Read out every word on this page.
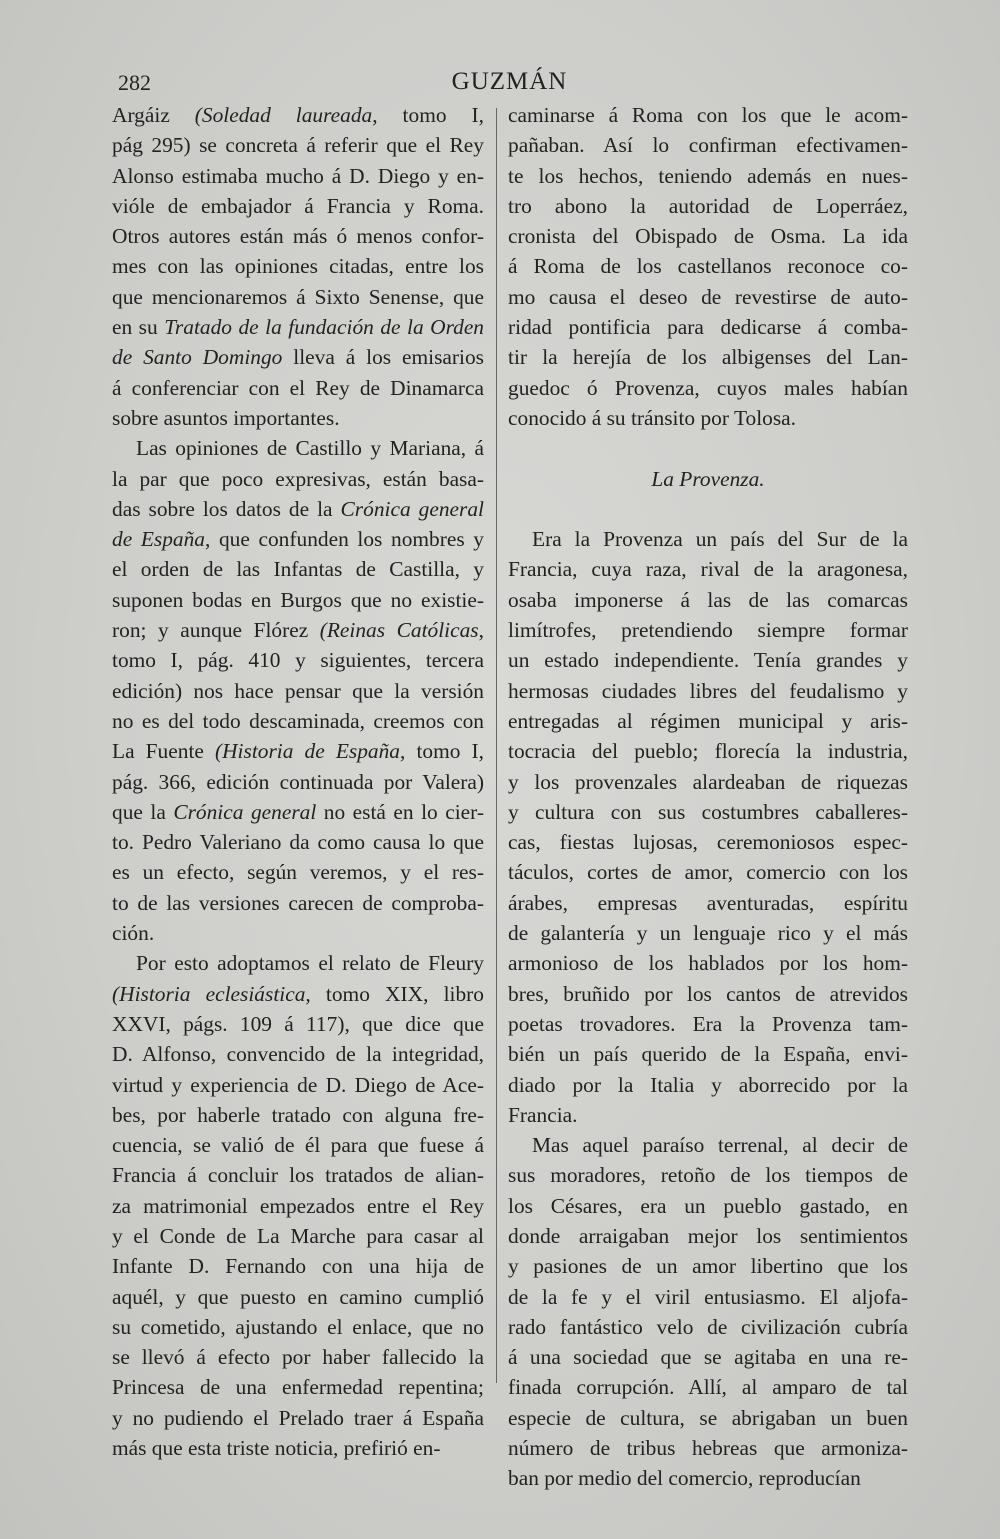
282	GUZMÁN
Argáiz (Soledad laureada, tomo I,
pág 295) se concreta á referir que el Rey
Alonso estimaba mucho á D. Diego y en-
vióle de embajador á Francia y Roma.
Otros autores están más ó menos confor-
mes con las opiniones citadas, entre los
que mencionaremos á Sixto Senense, que
en su Tratado de la fundación de la Orden
de Santo Domingo lleva á los emisarios
á conferenciar con el Rey de Dinamarca
sobre asuntos importantes.
Las opiniones de Castillo y Mariana, á
la par que poco expresivas, están basa-
das sobre los datos de la Crónica general
de España, que confunden los nombres y
el orden de las Infantas de Castilla, y
suponen bodas en Burgos que no existie-
ron; y aunque Flórez (Reinas Católicas,
tomo I, pág. 410 y siguientes, tercera
edición) nos hace pensar que la versión
no es del todo descaminada, creemos con
La Fuente (Historia de España, tomo I,
pág. 366, edición continuada por Valera)
que la Crónica general no está en lo cier-
to. Pedro Valeriano da como causa lo que
es un efecto, según veremos, y el res-
to de las versiones carecen de comproba-
ción.
Por esto adoptamos el relato de Fleury
(Historia eclesiástica, tomo XIX, libro
XXVI, págs. 109 á 117), que dice que
D. Alfonso, convencido de la integridad,
virtud y experiencia de D. Diego de Ace-
bes, por haberle tratado con alguna fre-
cuencia, se valió de él para que fuese á
Francia á concluir los tratados de alian-
za matrimonial empezados entre el Rey
y el Conde de La Marche para casar al
Infante D. Fernando con una hija de
aquél, y que puesto en camino cumplió
su cometido, ajustando el enlace, que no
se llevó á efecto por haber fallecido la
Princesa de una enfermedad repentina;
y no pudiendo el Prelado traer á España
más que esta triste noticia, prefirió en-
caminarse á Roma con los que le acom-
pañaban. Así lo confirman efectivamen-
te los hechos, teniendo además en nues-
tro abono la autoridad de Loperráez,
cronista del Obispado de Osma. La ida
á Roma de los castellanos reconoce co-
mo causa el deseo de revestirse de auto-
ridad pontificia para dedicarse á comba-
tir la herejía de los albigenses del Lan-
guedoc ó Provenza, cuyos males habían
conocido á su tránsito por Tolosa.
La Provenza.
Era la Provenza un país del Sur de la
Francia, cuya raza, rival de la aragonesa,
osaba imponerse á las de las comarcas
limítrofes, pretendiendo siempre formar
un estado independiente. Tenía grandes y
hermosas ciudades libres del feudalismo y
entregadas al régimen municipal y aris-
tocracia del pueblo; florecía la industria,
y los provenzales alardeaban de riquezas
y cultura con sus costumbres caballeres-
cas, fiestas lujosas, ceremoniosos espec-
táculos, cortes de amor, comercio con los
árabes, empresas aventuradas, espíritu
de galantería y un lenguaje rico y el más
armonioso de los hablados por los hom-
bres, bruñido por los cantos de atrevidos
poetas trovadores. Era la Provenza tam-
bién un país querido de la España, envi-
diado por la Italia y aborrecido por la
Francia.
Mas aquel paraíso terrenal, al decir de
sus moradores, retoño de los tiempos de
los Césares, era un pueblo gastado, en
donde arraigaban mejor los sentimientos
y pasiones de un amor libertino que los
de la fe y el viril entusiasmo. El aljofa-
rado fantástico velo de civilización cubría
á una sociedad que se agitaba en una re-
finada corrupción. Allí, al amparo de tal
especie de cultura, se abrigaban un buen
número de tribus hebreas que armoniza-
ban por medio del comercio, reproducían
